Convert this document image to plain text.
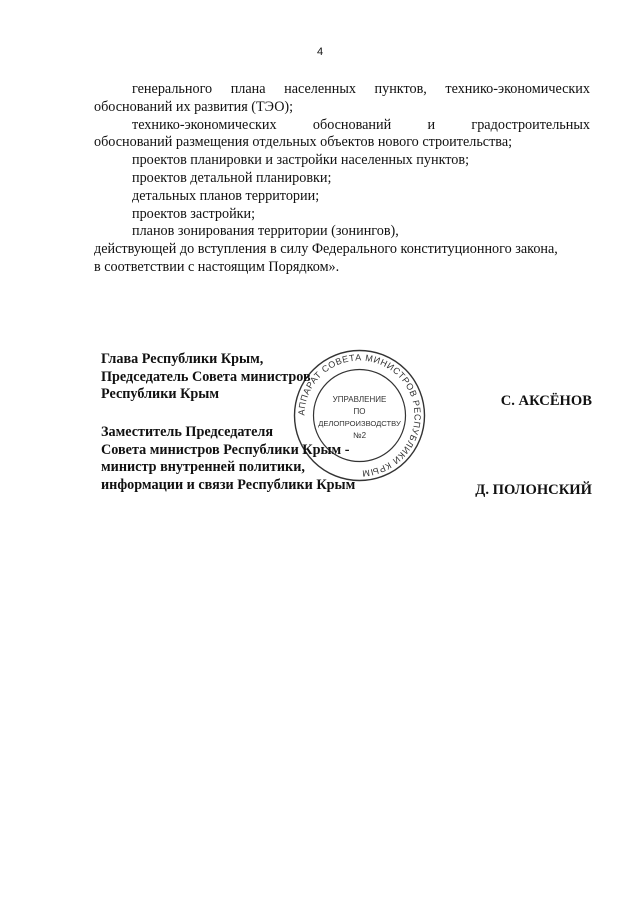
4

генерального плана населенных пунктов, технико-экономических

обоснований их развития (ТЭО);

технико-экономических обоснований и градостроительных

обоснований размещения отдельных объектов нового строительства;

проектов планировки и застройки населенных пунктов;

проектов детальной планировки;

детальных планов территории;

проектов застройки;

планов зонирования территории (зонингов),

действующей до вступления в силу Федерального конституционного закона,

в соответствии с настоящим Порядком».

АППАРАТ СОВЕТА МИНИСТРОВ РЕСПУБЛИКИ КРЫМ
УПРАВЛЕНИЕ
ПО
ДЕЛОПРОИЗВОДСТВУ
№2
Глава Республики Крым,
Председатель Совета министров
Республики Крым	С. АКСЁНОВ
Заместитель Председателя
Совета министров Республики Крым -
министр внутренней политики,
информации и связи Республики Крым	Д. ПОЛОНСКИЙ
